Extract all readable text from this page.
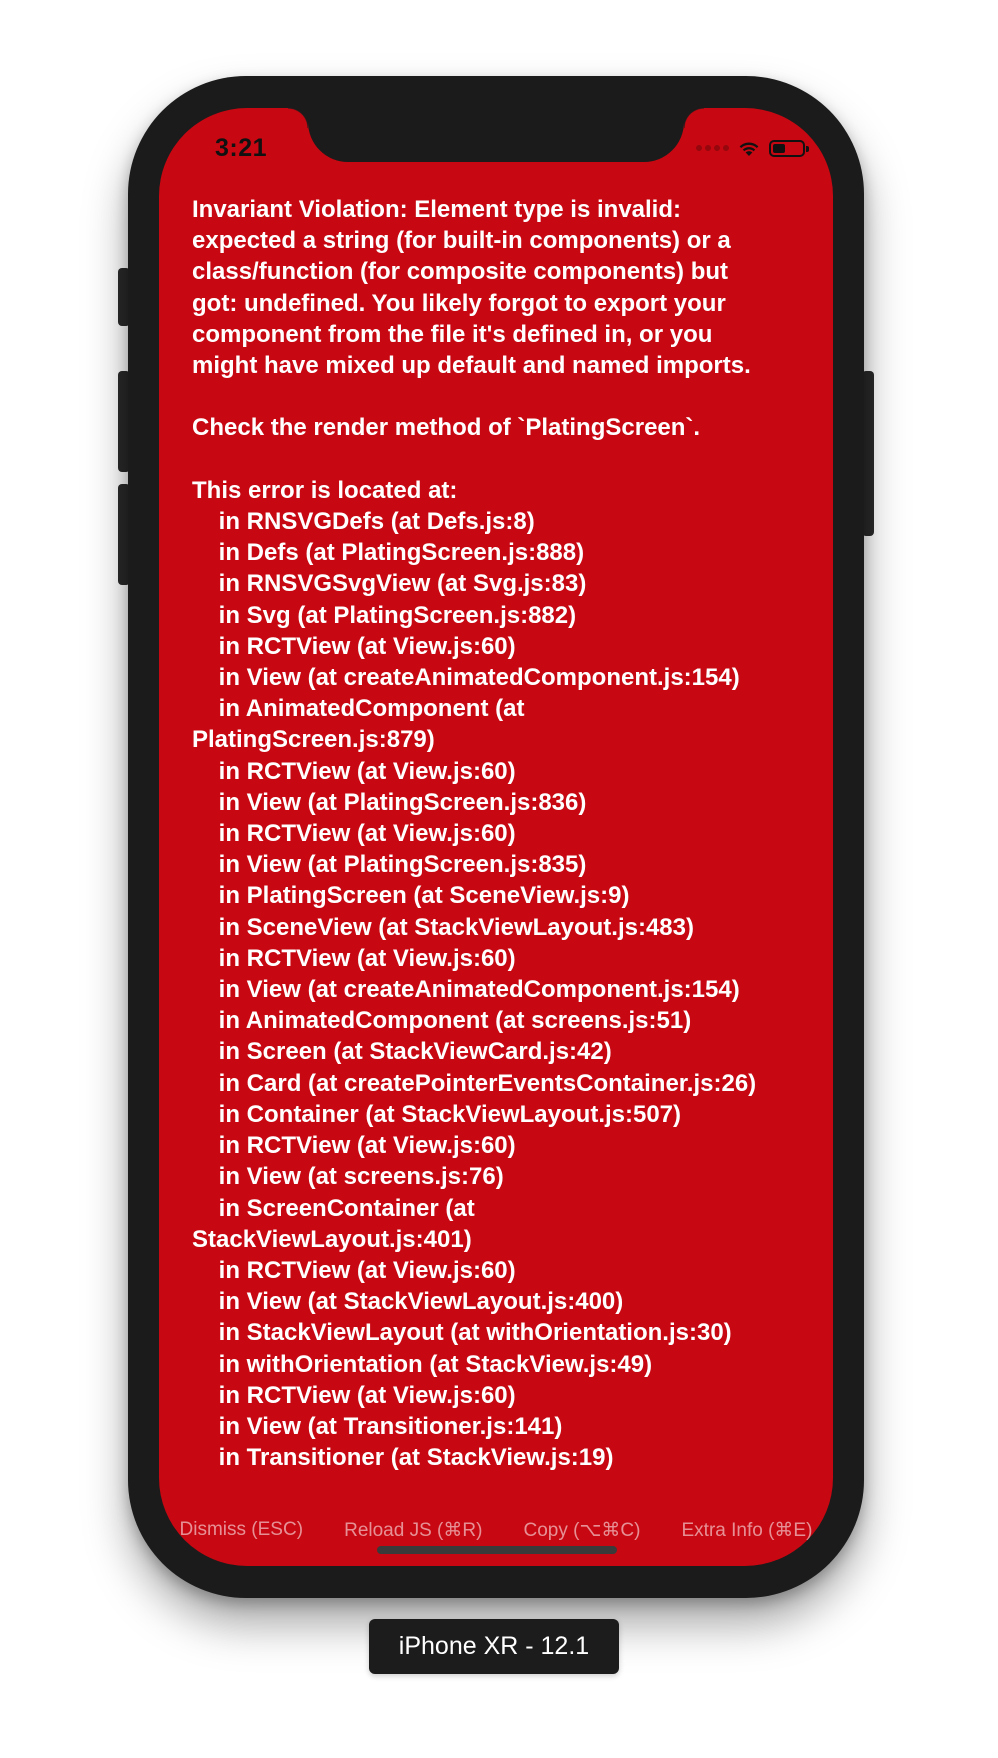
3:21
Invariant Violation: Element type is invalid:
expected a string (for built-in components) or a
class/function (for composite components) but
got: undefined. You likely forgot to export your
component from the file it's defined in, or you
might have mixed up default and named imports.

Check the render method of `PlatingScreen`.

This error is located at:
in RNSVGDefs (at Defs.js:8)
in Defs (at PlatingScreen.js:888)
in RNSVGSvgView (at Svg.js:83)
in Svg (at PlatingScreen.js:882)
in RCTView (at View.js:60)
in View (at createAnimatedComponent.js:154)
in AnimatedComponent (at
PlatingScreen.js:879)
in RCTView (at View.js:60)
in View (at PlatingScreen.js:836)
in RCTView (at View.js:60)
in View (at PlatingScreen.js:835)
in PlatingScreen (at SceneView.js:9)
in SceneView (at StackViewLayout.js:483)
in RCTView (at View.js:60)
in View (at createAnimatedComponent.js:154)
in AnimatedComponent (at screens.js:51)
in Screen (at StackViewCard.js:42)
in Card (at createPointerEventsContainer.js:26)
in Container (at StackViewLayout.js:507)
in RCTView (at View.js:60)
in View (at screens.js:76)
in ScreenContainer (at
StackViewLayout.js:401)
in RCTView (at View.js:60)
in View (at StackViewLayout.js:400)
in StackViewLayout (at withOrientation.js:30)
in withOrientation (at StackView.js:49)
in RCTView (at View.js:60)
in View (at Transitioner.js:141)
in Transitioner (at StackView.js:19)
Dismiss (ESC) Reload JS (⌘R) Copy (⌥⌘C) Extra Info (⌘E)
iPhone XR - 12.1
